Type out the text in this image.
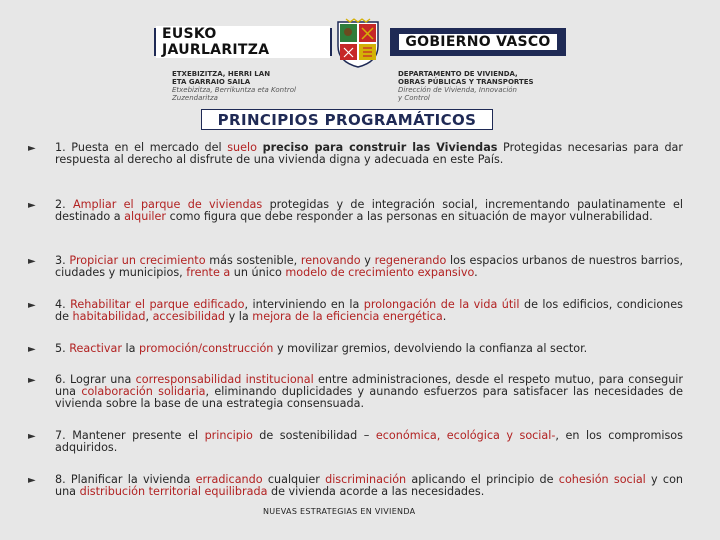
EUSKO JAURLARITZA	GOBIERNO VASCO
ETXEBIZITZA, HERRI LAN
ETA GARRAIO SAILA
Etxebizitza, Berrikuntza eta Kontrol
Zuzendaritza
DEPARTAMENTO DE VIVIENDA,
OBRAS PÚBLICAS Y TRANSPORTES
Dirección de Vivienda, Innovación
y Control
PRINCIPIOS PROGRAMÁTICOS
► 1. Puesta en el mercado del suelo preciso para construir las Viviendas Protegidas necesarias para dar respuesta al derecho al disfrute de una vivienda digna y adecuada en este País.
► 2. Ampliar el parque de viviendas protegidas y de integración social, incrementando paulatinamente el destinado a alquiler como figura que debe responder a las personas en situación de mayor vulnerabilidad.
► 3. Propiciar un crecimiento más sostenible, renovando y regenerando los espacios urbanos de nuestros barrios, ciudades y municipios, frente a un único modelo de crecimiento expansivo.
► 4. Rehabilitar el parque edificado, interviniendo en la prolongación de la vida útil de los edificios, condiciones de habitabilidad, accesibilidad y la mejora de la eficiencia energética.
► 5. Reactivar la promoción/construcción y movilizar gremios, devolviendo la confianza al sector.
► 6. Lograr una corresponsabilidad institucional entre administraciones, desde el respeto mutuo, para conseguir una colaboración solidaria, eliminando duplicidades y aunando esfuerzos para satisfacer las necesidades de vivienda sobre la base de una estrategia consensuada.
► 7. Mantener presente el principio de sostenibilidad – económica, ecológica y social-, en los compromisos adquiridos.
► 8. Planificar la vivienda erradicando cualquier discriminación aplicando el principio de cohesión social y con una distribución territorial equilibrada de vivienda acorde a las necesidades.
NUEVAS ESTRATEGIAS EN VIVIENDA
